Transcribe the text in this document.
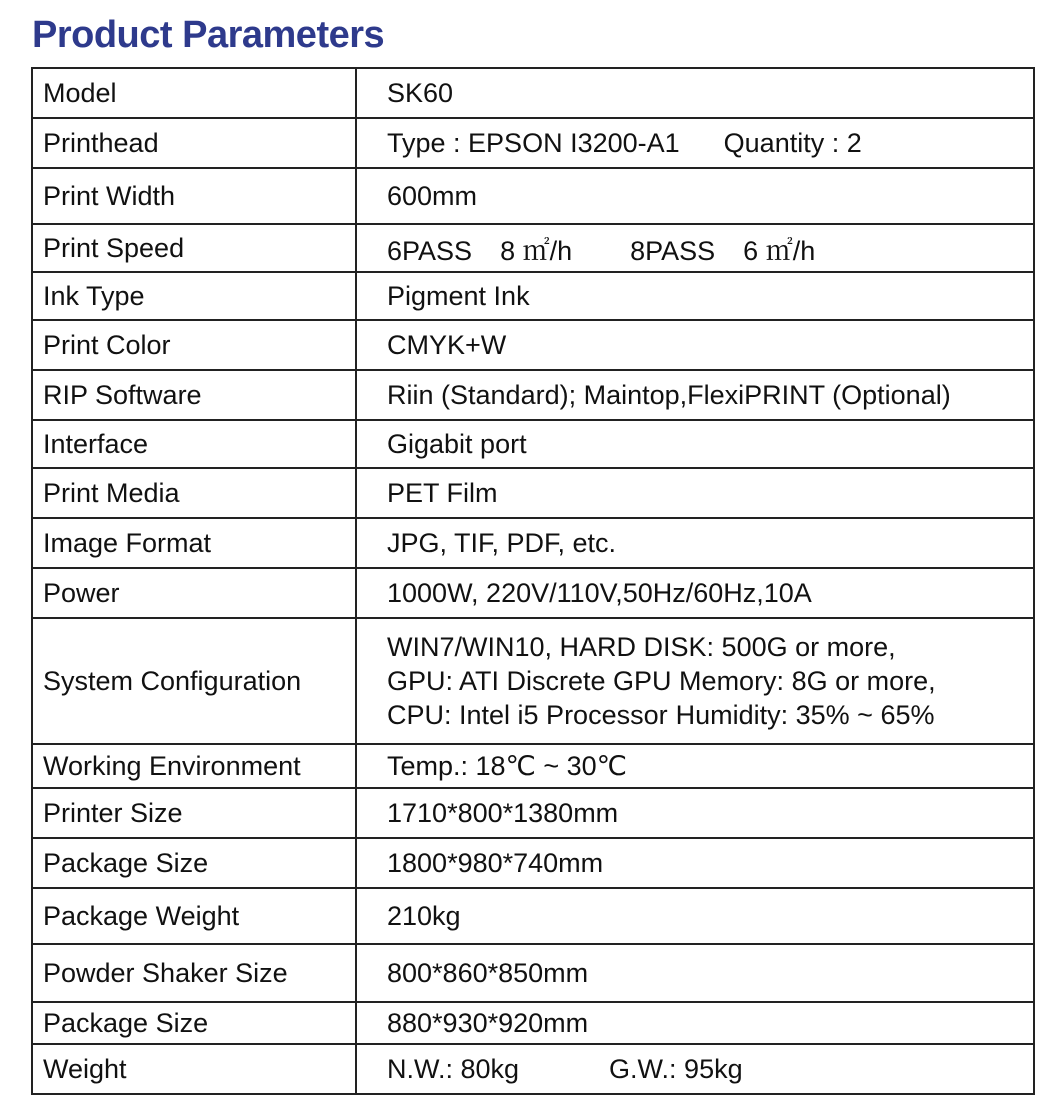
Product Parameters
Model	SK60
Printhead	Type : EPSON I3200-A1 Quantity : 2
Print Width	600mm
Print Speed	6PASS 8 ㎡/h 8PASS 6 ㎡/h
Ink Type	Pigment Ink
Print Color	CMYK+W
RIP Software	Riin (Standard); Maintop,FlexiPRINT (Optional)
Interface	Gigabit port
Print Media	PET Film
Image Format	JPG, TIF, PDF, etc.
Power	1000W, 220V/110V,50Hz/60Hz,10A
System Configuration	WIN7/WIN10, HARD DISK: 500G or more,
GPU: ATI Discrete GPU Memory: 8G or more,
CPU: Intel i5 Processor Humidity: 35% ~ 65%

Working Environment	Temp.: 18℃ ~ 30℃
Printer Size	1710*800*1380mm
Package Size	1800*980*740mm
Package Weight	210kg
Powder Shaker Size	800*860*850mm
Package Size	880*930*920mm
Weight	N.W.: 80kg G.W.: 95kg
